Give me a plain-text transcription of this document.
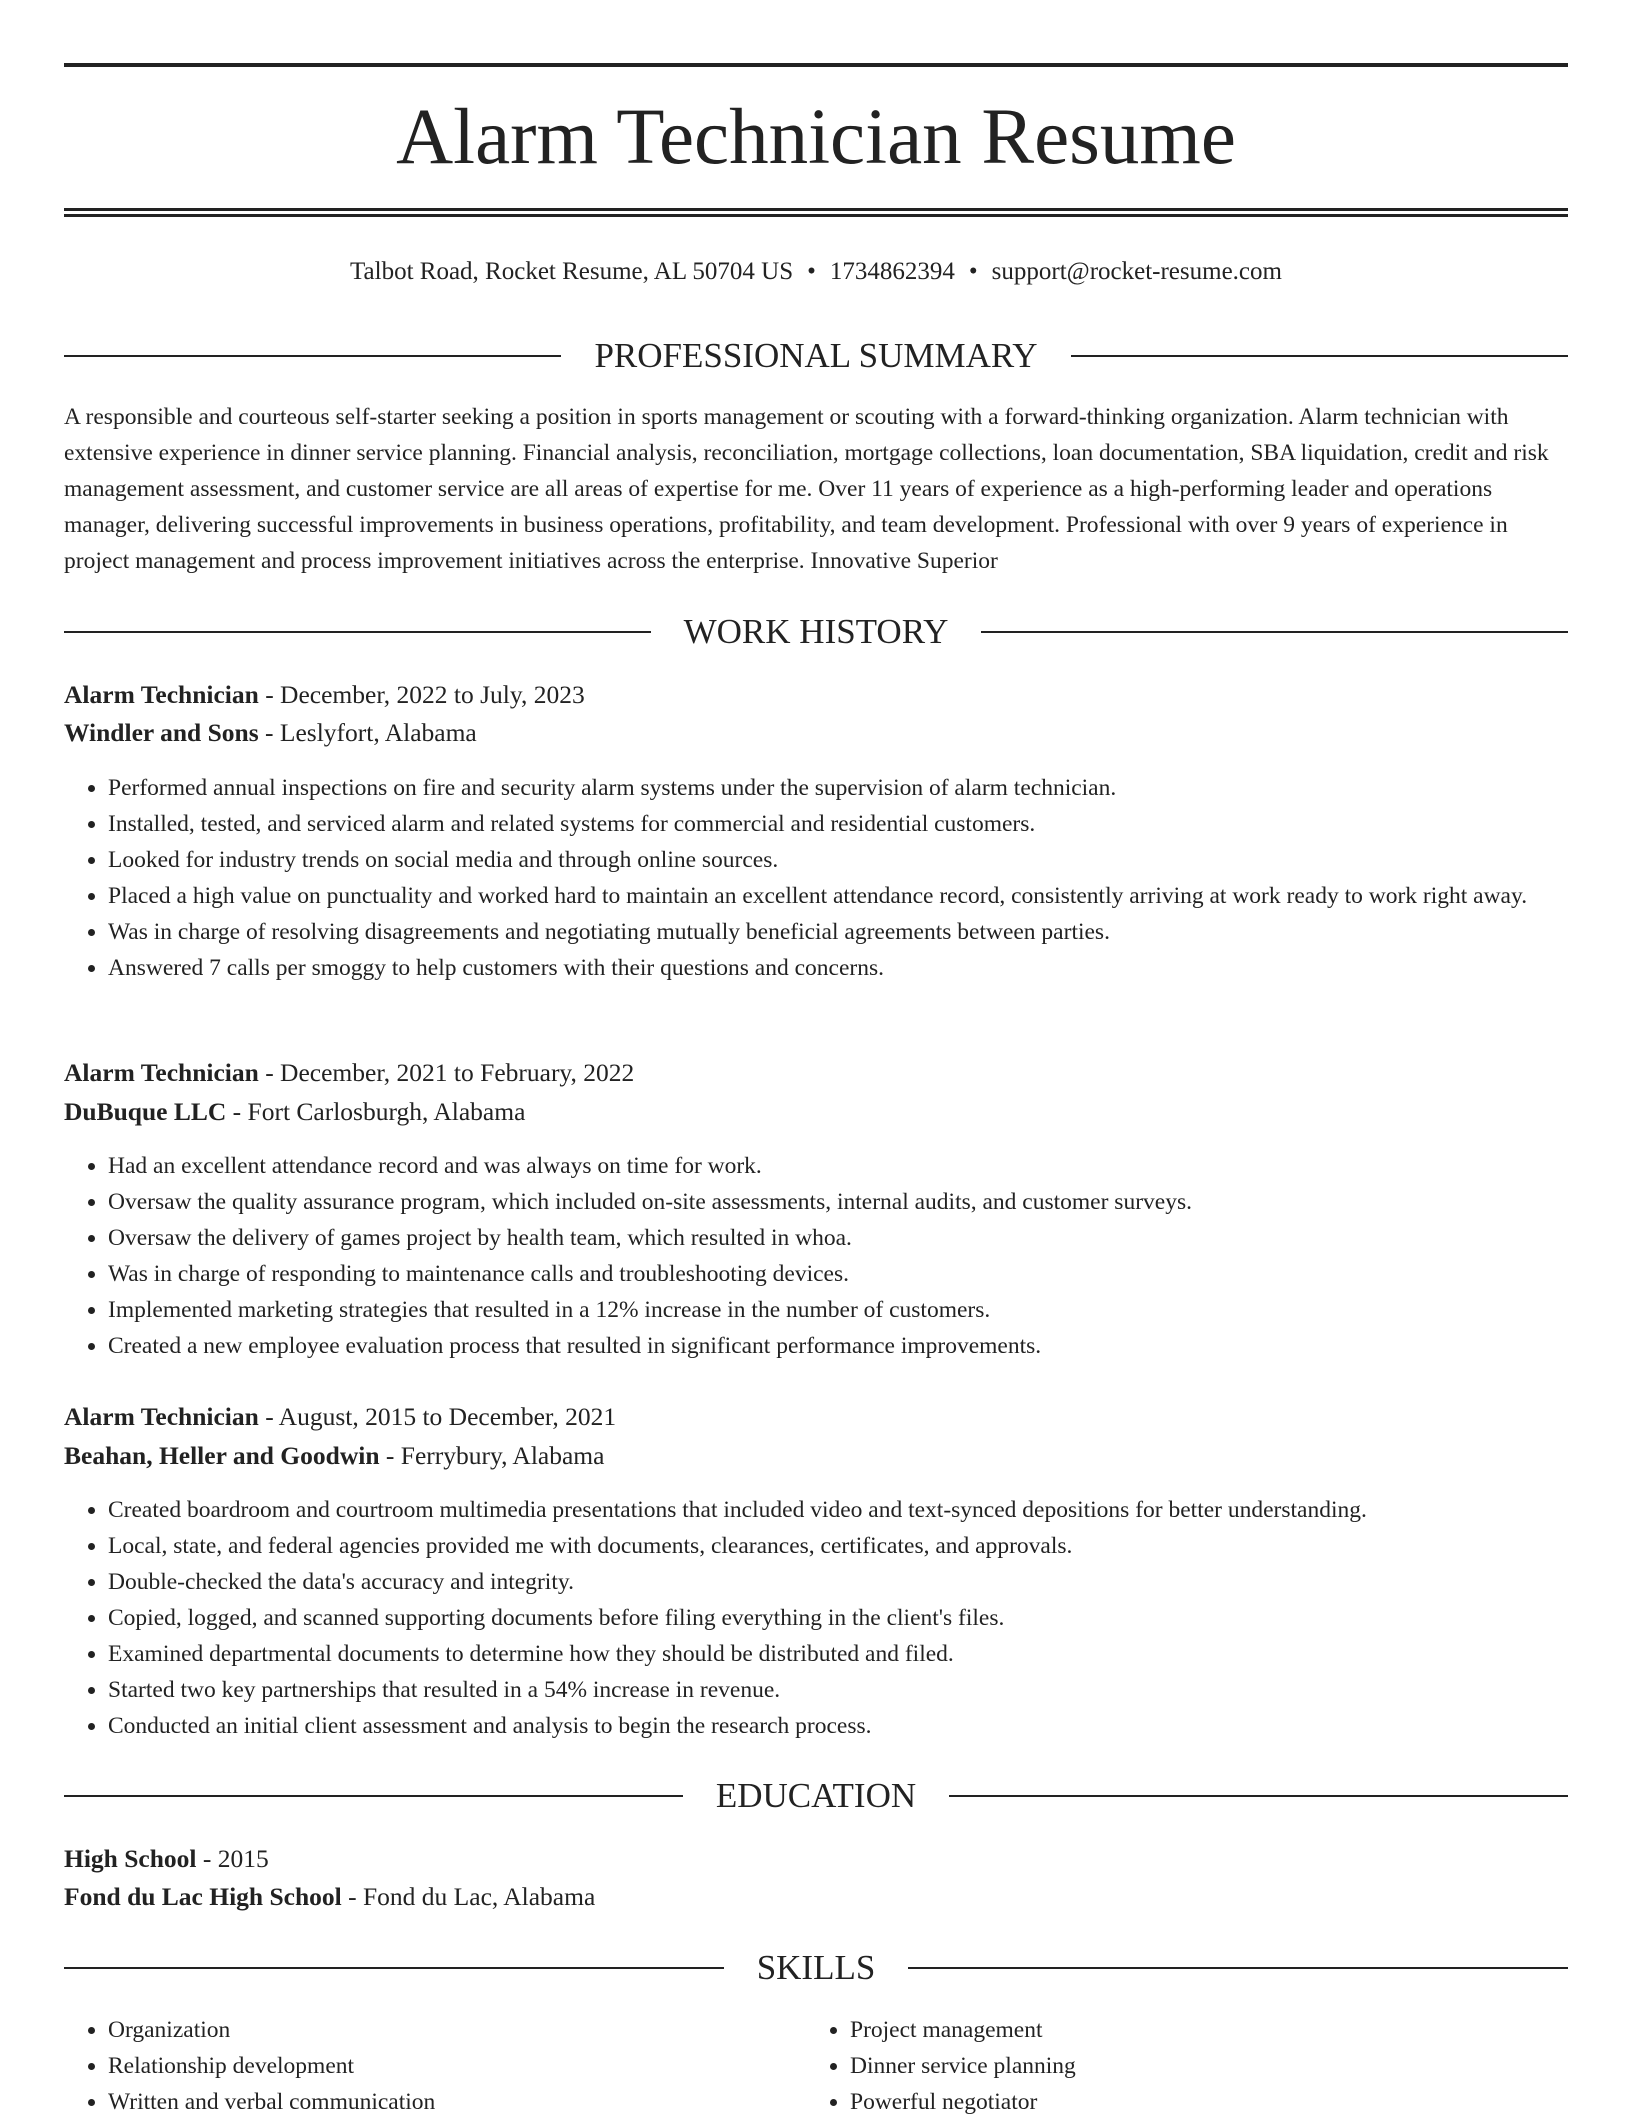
Alarm Technician Resume
Talbot Road, Rocket Resume, AL 50704 US • 1734862394 • support@rocket-resume.com
PROFESSIONAL SUMMARY

A responsible and courteous self-starter seeking a position in sports management or scouting with a forward-thinking organization. Alarm technician with extensive experience in dinner service planning. Financial analysis, reconciliation, mortgage collections, loan documentation, SBA liquidation, credit and risk management assessment, and customer service are all areas of expertise for me. Over 11 years of experience as a high-performing leader and operations manager, delivering successful improvements in business operations, profitability, and team development. Professional with over 9 years of experience in project management and process improvement initiatives across the enterprise. Innovative Superior

WORK HISTORY
Alarm Technician - December, 2022 to July, 2023
Windler and Sons - Leslyfort, Alabama
• Performed annual inspections on fire and security alarm systems under the supervision of alarm technician.
• Installed, tested, and serviced alarm and related systems for commercial and residential customers.
• Looked for industry trends on social media and through online sources.
• Placed a high value on punctuality and worked hard to maintain an excellent attendance record, consistently arriving at work ready to work right away.
• Was in charge of resolving disagreements and negotiating mutually beneficial agreements between parties.
• Answered 7 calls per smoggy to help customers with their questions and concerns.
Alarm Technician - December, 2021 to February, 2022
DuBuque LLC - Fort Carlosburgh, Alabama
• Had an excellent attendance record and was always on time for work.
• Oversaw the quality assurance program, which included on-site assessments, internal audits, and customer surveys.
• Oversaw the delivery of games project by health team, which resulted in whoa.
• Was in charge of responding to maintenance calls and troubleshooting devices.
• Implemented marketing strategies that resulted in a 12% increase in the number of customers.
• Created a new employee evaluation process that resulted in significant performance improvements.
Alarm Technician - August, 2015 to December, 2021
Beahan, Heller and Goodwin - Ferrybury, Alabama
• Created boardroom and courtroom multimedia presentations that included video and text-synced depositions for better understanding.
• Local, state, and federal agencies provided me with documents, clearances, certificates, and approvals.
• Double-checked the data's accuracy and integrity.
• Copied, logged, and scanned supporting documents before filing everything in the client's files.
• Examined departmental documents to determine how they should be distributed and filed.
• Started two key partnerships that resulted in a 54% increase in revenue.
• Conducted an initial client assessment and analysis to begin the research process.
EDUCATION
High School - 2015
Fond du Lac High School - Fond du Lac, Alabama
SKILLS
• Organization
• Relationship development
• Written and verbal communication
• Project management
• Dinner service planning
• Powerful negotiator
